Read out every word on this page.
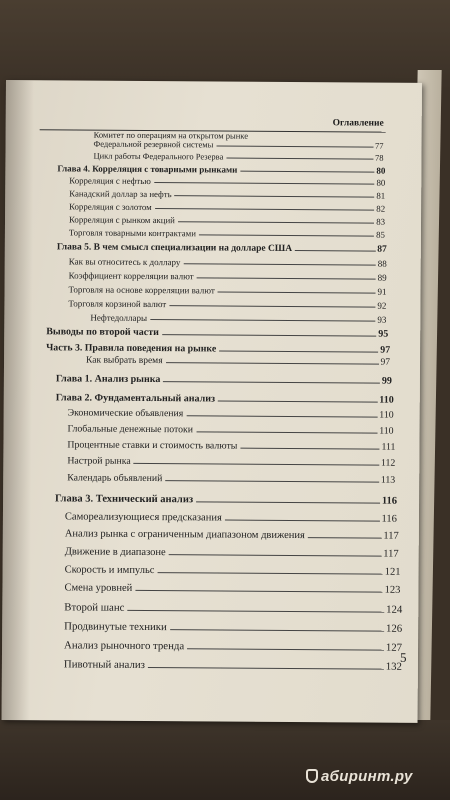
Оглавление
Комитет по операциям на открытом рынке
Федеральной резервной системы	77
Цикл работы Федерального Резерва	78
Глава 4. Корреляция с товарными рынками	80
Корреляция с нефтью	80
Канадский доллар за нефть	81
Корреляция с золотом	82
Корреляция с рынком акций	83
Торговля товарными контрактами	85
Глава 5. В чем смысл специализации на долларе США	87
Как вы относитесь к доллару	88
Коэффициент корреляции валют	89
Торговля на основе корреляции валют	91
Торговля корзиной валют	92
Нефтедоллары	93
Выводы по второй части	95
Часть 3. Правила поведения на рынке	97
Как выбрать время	97
Глава 1. Анализ рынка	99
Глава 2. Фундаментальный анализ	110
Экономические объявления	110
Глобальные денежные потоки	110
Процентные ставки и стоимость валюты	111
Настрой рынка	112
Календарь объявлений	113
Глава 3. Технический анализ	116
Самореализующиеся предсказания	116
Анализ рынка с ограниченным диапазоном движения	117
Движение в диапазоне	117
Скорость и импульс	121
Смена уровней	123
Второй шанс	124
Продвинутые техники	126
Анализ рыночного тренда	127
Пивотный анализ	132
5
абиринт.ру
